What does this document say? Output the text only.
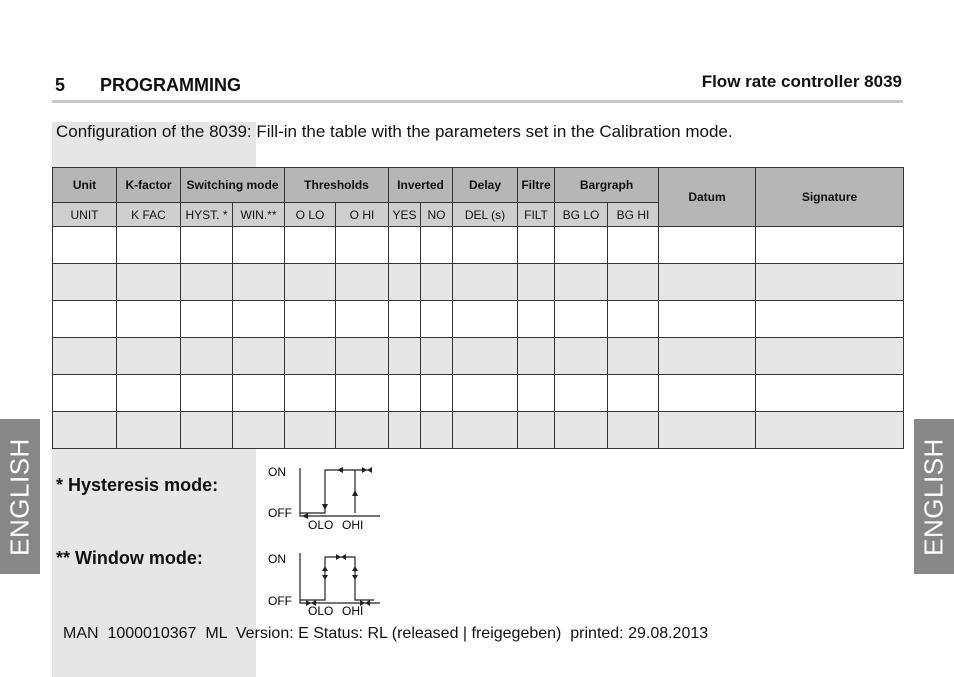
5 PROGRAMMING	Flow rate controller 8039
Configuration of the 8039: Fill-in the table with the parameters set in the Calibration mode.
Unit	K-factor	Switching mode		Thresholds		Inverted		Delay	Filtre	Bargraph		Datum	Signature
UNIT	K FAC	HYST. *	WIN.**	O LO	O HI	YES	NO	DEL (s)	FILT	BG LO	BG HI		

ENGLISH	ENGLISH
* Hysteresis mode:
** Window mode:
ON
OFF
OLO OHI
ON
OFF
OLO OHI
MAN  1000010367  ML  Version: E Status: RL (released | freigegeben)  printed: 29.08.2013
